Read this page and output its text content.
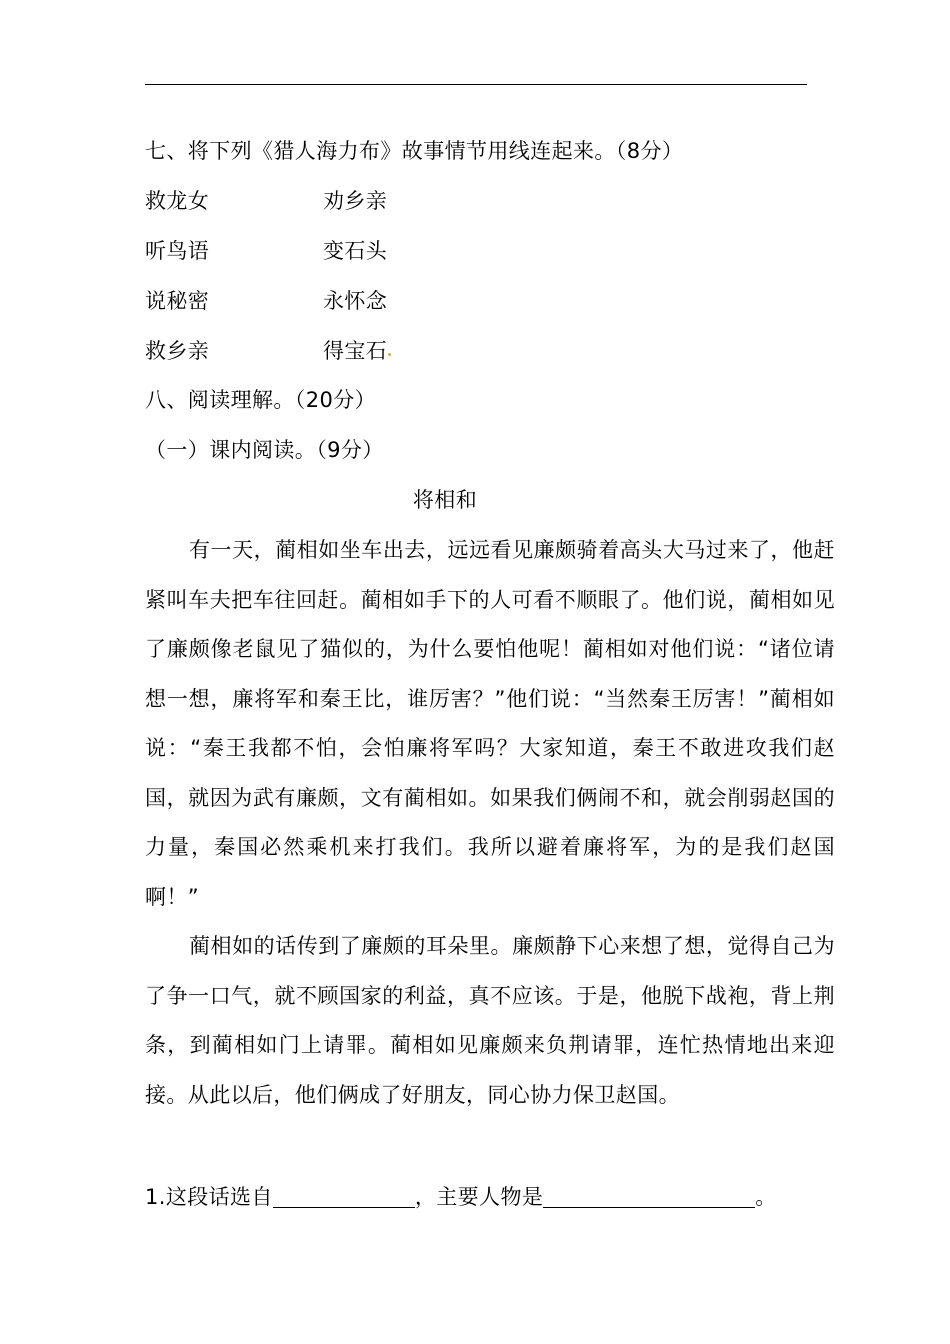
七、将下列《猎人海力布》故事情节用线连起来。（8分）
救龙女	劝乡亲
听鸟语	变石头
说秘密	永怀念
救乡亲	得宝石
八、阅读理解。（20分）
（一）课内阅读。（9分）
将相和
有一天，蔺相如坐车出去，远远看见廉颇骑着高头大马过来了，他赶紧叫车夫把车往回赶。蔺相如手下的人可看不顺眼了。他们说，蔺相如见了廉颇像老鼠见了猫似的，为什么要怕他呢！蔺相如对他们说：“诸位请想一想，廉将军和秦王比，谁厉害？”他们说：“当然秦王厉害！”蔺相如说：“秦王我都不怕，会怕廉将军吗？大家知道，秦王不敢进攻我们赵国，就因为武有廉颇，文有蔺相如。如果我们俩闹不和，就会削弱赵国的力量，秦国必然乘机来打我们。我所以避着廉将军，为的是我们赵国啊！”
蔺相如的话传到了廉颇的耳朵里。廉颇静下心来想了想，觉得自己为了争一口气，就不顾国家的利益，真不应该。于是，他脱下战袍，背上荆条，到蔺相如门上请罪。蔺相如见廉颇来负荆请罪，连忙热情地出来迎接。从此以后，他们俩成了好朋友，同心协力保卫赵国。
1.这段话选自	，主要人物是	。
